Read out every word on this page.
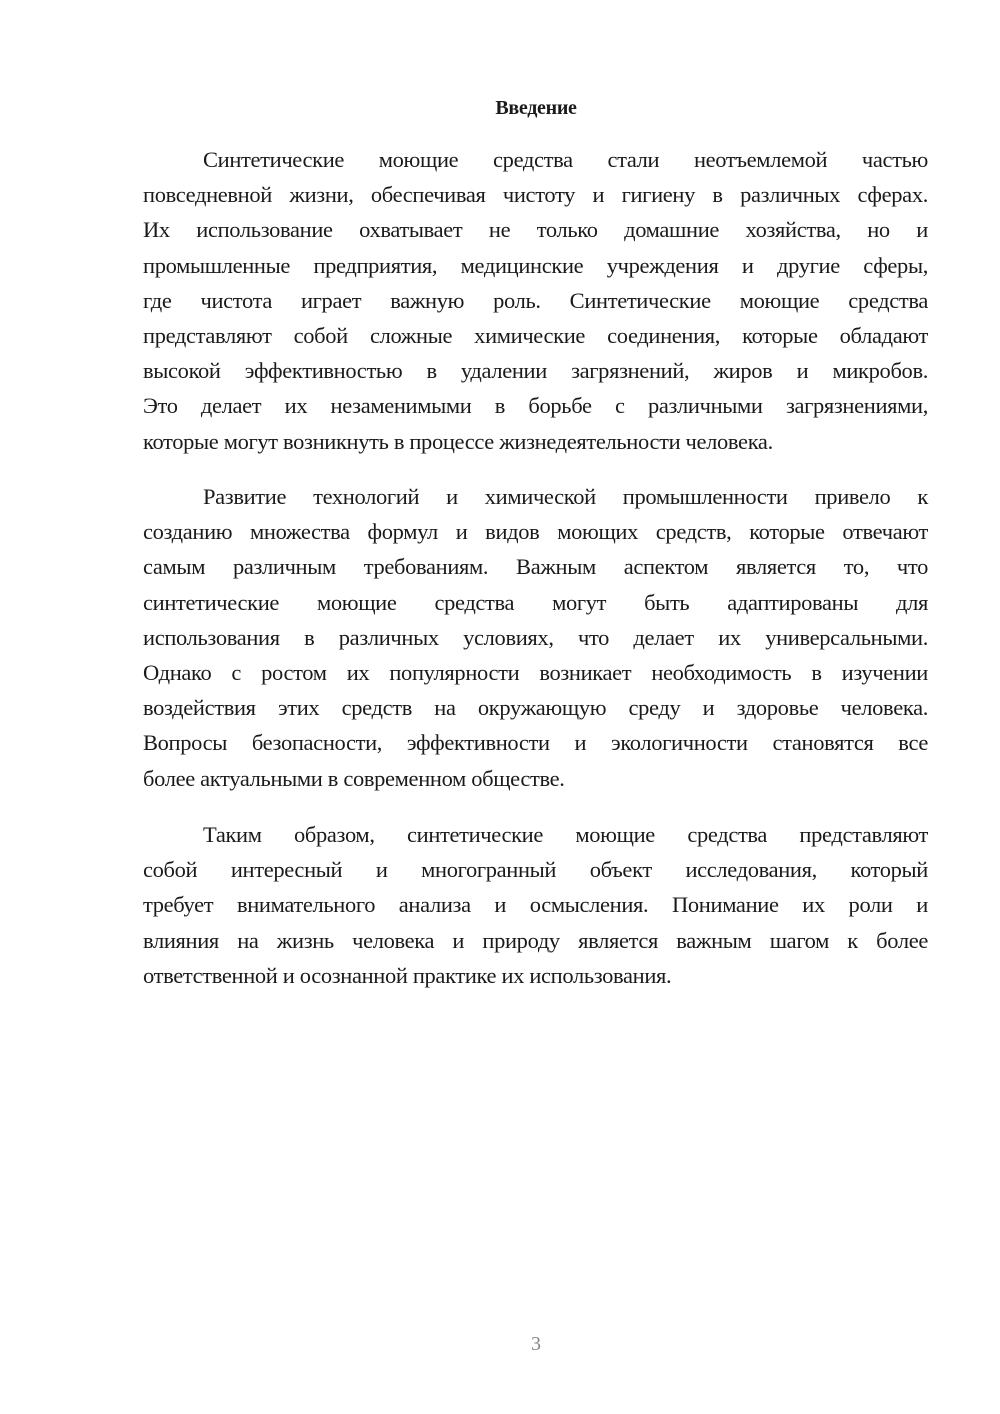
Введение
Синтетические моющие средства стали неотъемлемой частью
повседневной жизни, обеспечивая чистоту и гигиену в различных сферах.
Их использование охватывает не только домашние хозяйства, но и
промышленные предприятия, медицинские учреждения и другие сферы,
где чистота играет важную роль. Синтетические моющие средства
представляют собой сложные химические соединения, которые обладают
высокой эффективностью в удалении загрязнений, жиров и микробов.
Это делает их незаменимыми в борьбе с различными загрязнениями,
которые могут возникнуть в процессе жизнедеятельности человека.
Развитие технологий и химической промышленности привело к
созданию множества формул и видов моющих средств, которые отвечают
самым различным требованиям. Важным аспектом является то, что
синтетические моющие средства могут быть адаптированы для
использования в различных условиях, что делает их универсальными.
Однако с ростом их популярности возникает необходимость в изучении
воздействия этих средств на окружающую среду и здоровье человека.
Вопросы безопасности, эффективности и экологичности становятся все
более актуальными в современном обществе.
Таким образом, синтетические моющие средства представляют
собой интересный и многогранный объект исследования, который
требует внимательного анализа и осмысления. Понимание их роли и
влияния на жизнь человека и природу является важным шагом к более
ответственной и осознанной практике их использования.
3
